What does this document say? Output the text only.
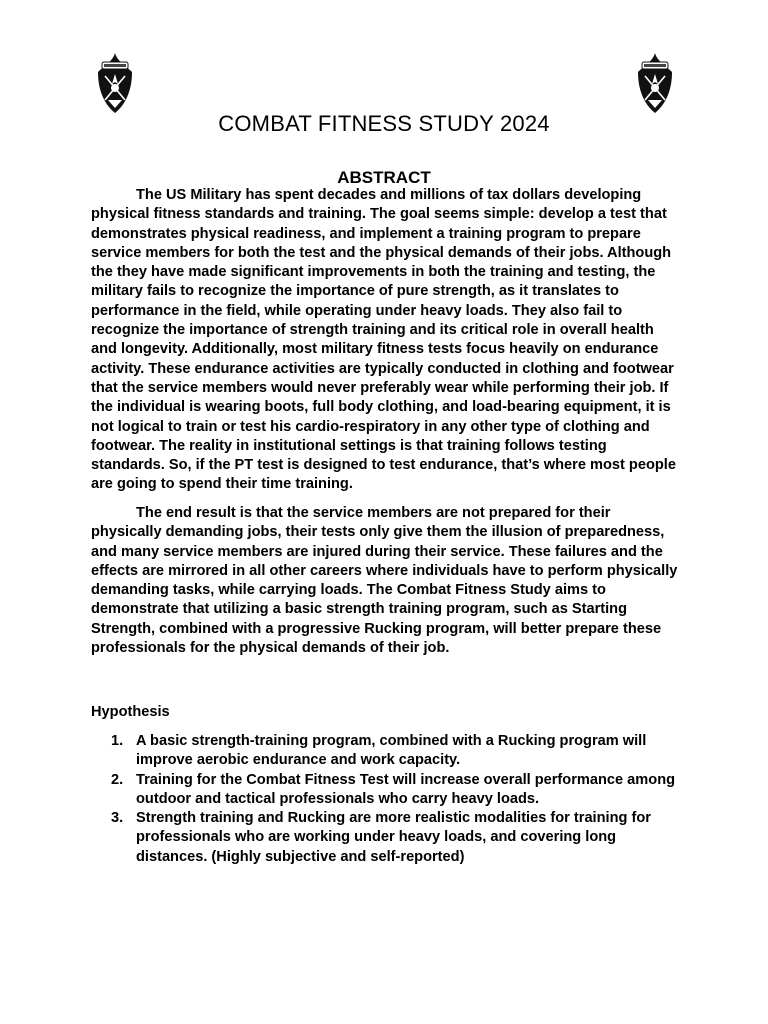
COMBAT FITNESS STUDY 2024
ABSTRACT

The US Military has spent decades and millions of tax dollars developing physical fitness standards and training. The goal seems simple: develop a test that demonstrates physical readiness, and implement a training program to prepare service members for both the test and the physical demands of their jobs. Although the they have made significant improvements in both the training and testing, the military fails to recognize the importance of pure strength, as it translates to performance in the field, while operating under heavy loads. They also fail to recognize the importance of strength training and its critical role in overall health and longevity. Additionally, most military fitness tests focus heavily on endurance activity. These endurance activities are typically conducted in clothing and footwear that the service members would never preferably wear while performing their job. If the individual is wearing boots, full body clothing, and load-bearing equipment, it is not logical to train or test his cardio-respiratory in any other type of clothing and footwear. The reality in institutional settings is that training follows testing standards. So, if the PT test is designed to test endurance, that’s where most people are going to spend their time training.

The end result is that the service members are not prepared for their physically demanding jobs, their tests only give them the illusion of preparedness, and many service members are injured during their service. These failures and the effects are mirrored in all other careers where individuals have to perform physically demanding tasks, while carrying loads. The Combat Fitness Study aims to demonstrate that utilizing a basic strength training program, such as Starting Strength, combined with a progressive Rucking program, will better prepare these professionals for the physical demands of their job.

Hypothesis
1. A basic strength-training program, combined with a Rucking program will improve aerobic endurance and work capacity.
2. Training for the Combat Fitness Test will increase overall performance among outdoor and tactical professionals who carry heavy loads.
3. Strength training and Rucking are more realistic modalities for training for professionals who are working under heavy loads, and covering long distances. (Highly subjective and self-reported)
